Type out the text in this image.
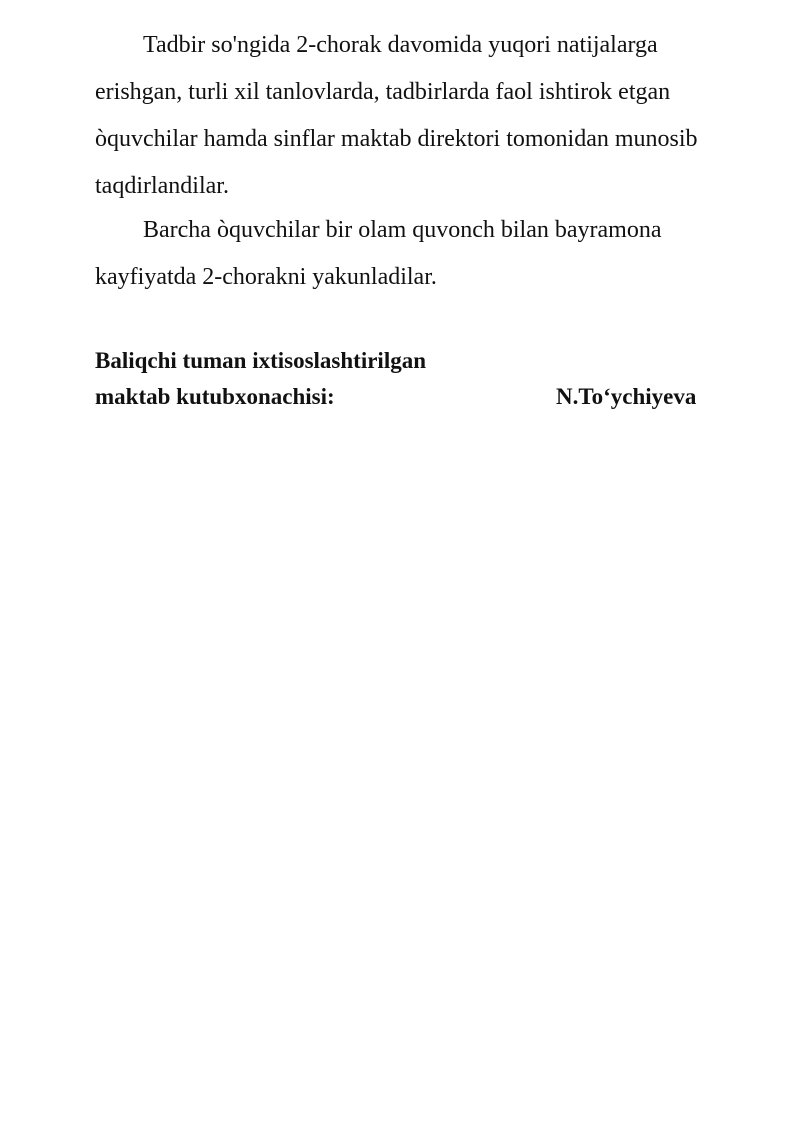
Tadbir so'ngida 2-chorak davomida yuqori natijalarga
erishgan, turli xil tanlovlarda, tadbirlarda faol ishtirok etgan
òquvchilar hamda sinflar maktab direktori tomonidan munosib
taqdirlandilar.

Barcha òquvchilar bir olam quvonch bilan bayramona
kayfiyatda 2-chorakni yakunladilar.

Baliqchi tuman ixtisoslashtirilgan
maktab kutubxonachisi:	N.To‘ychiyeva
